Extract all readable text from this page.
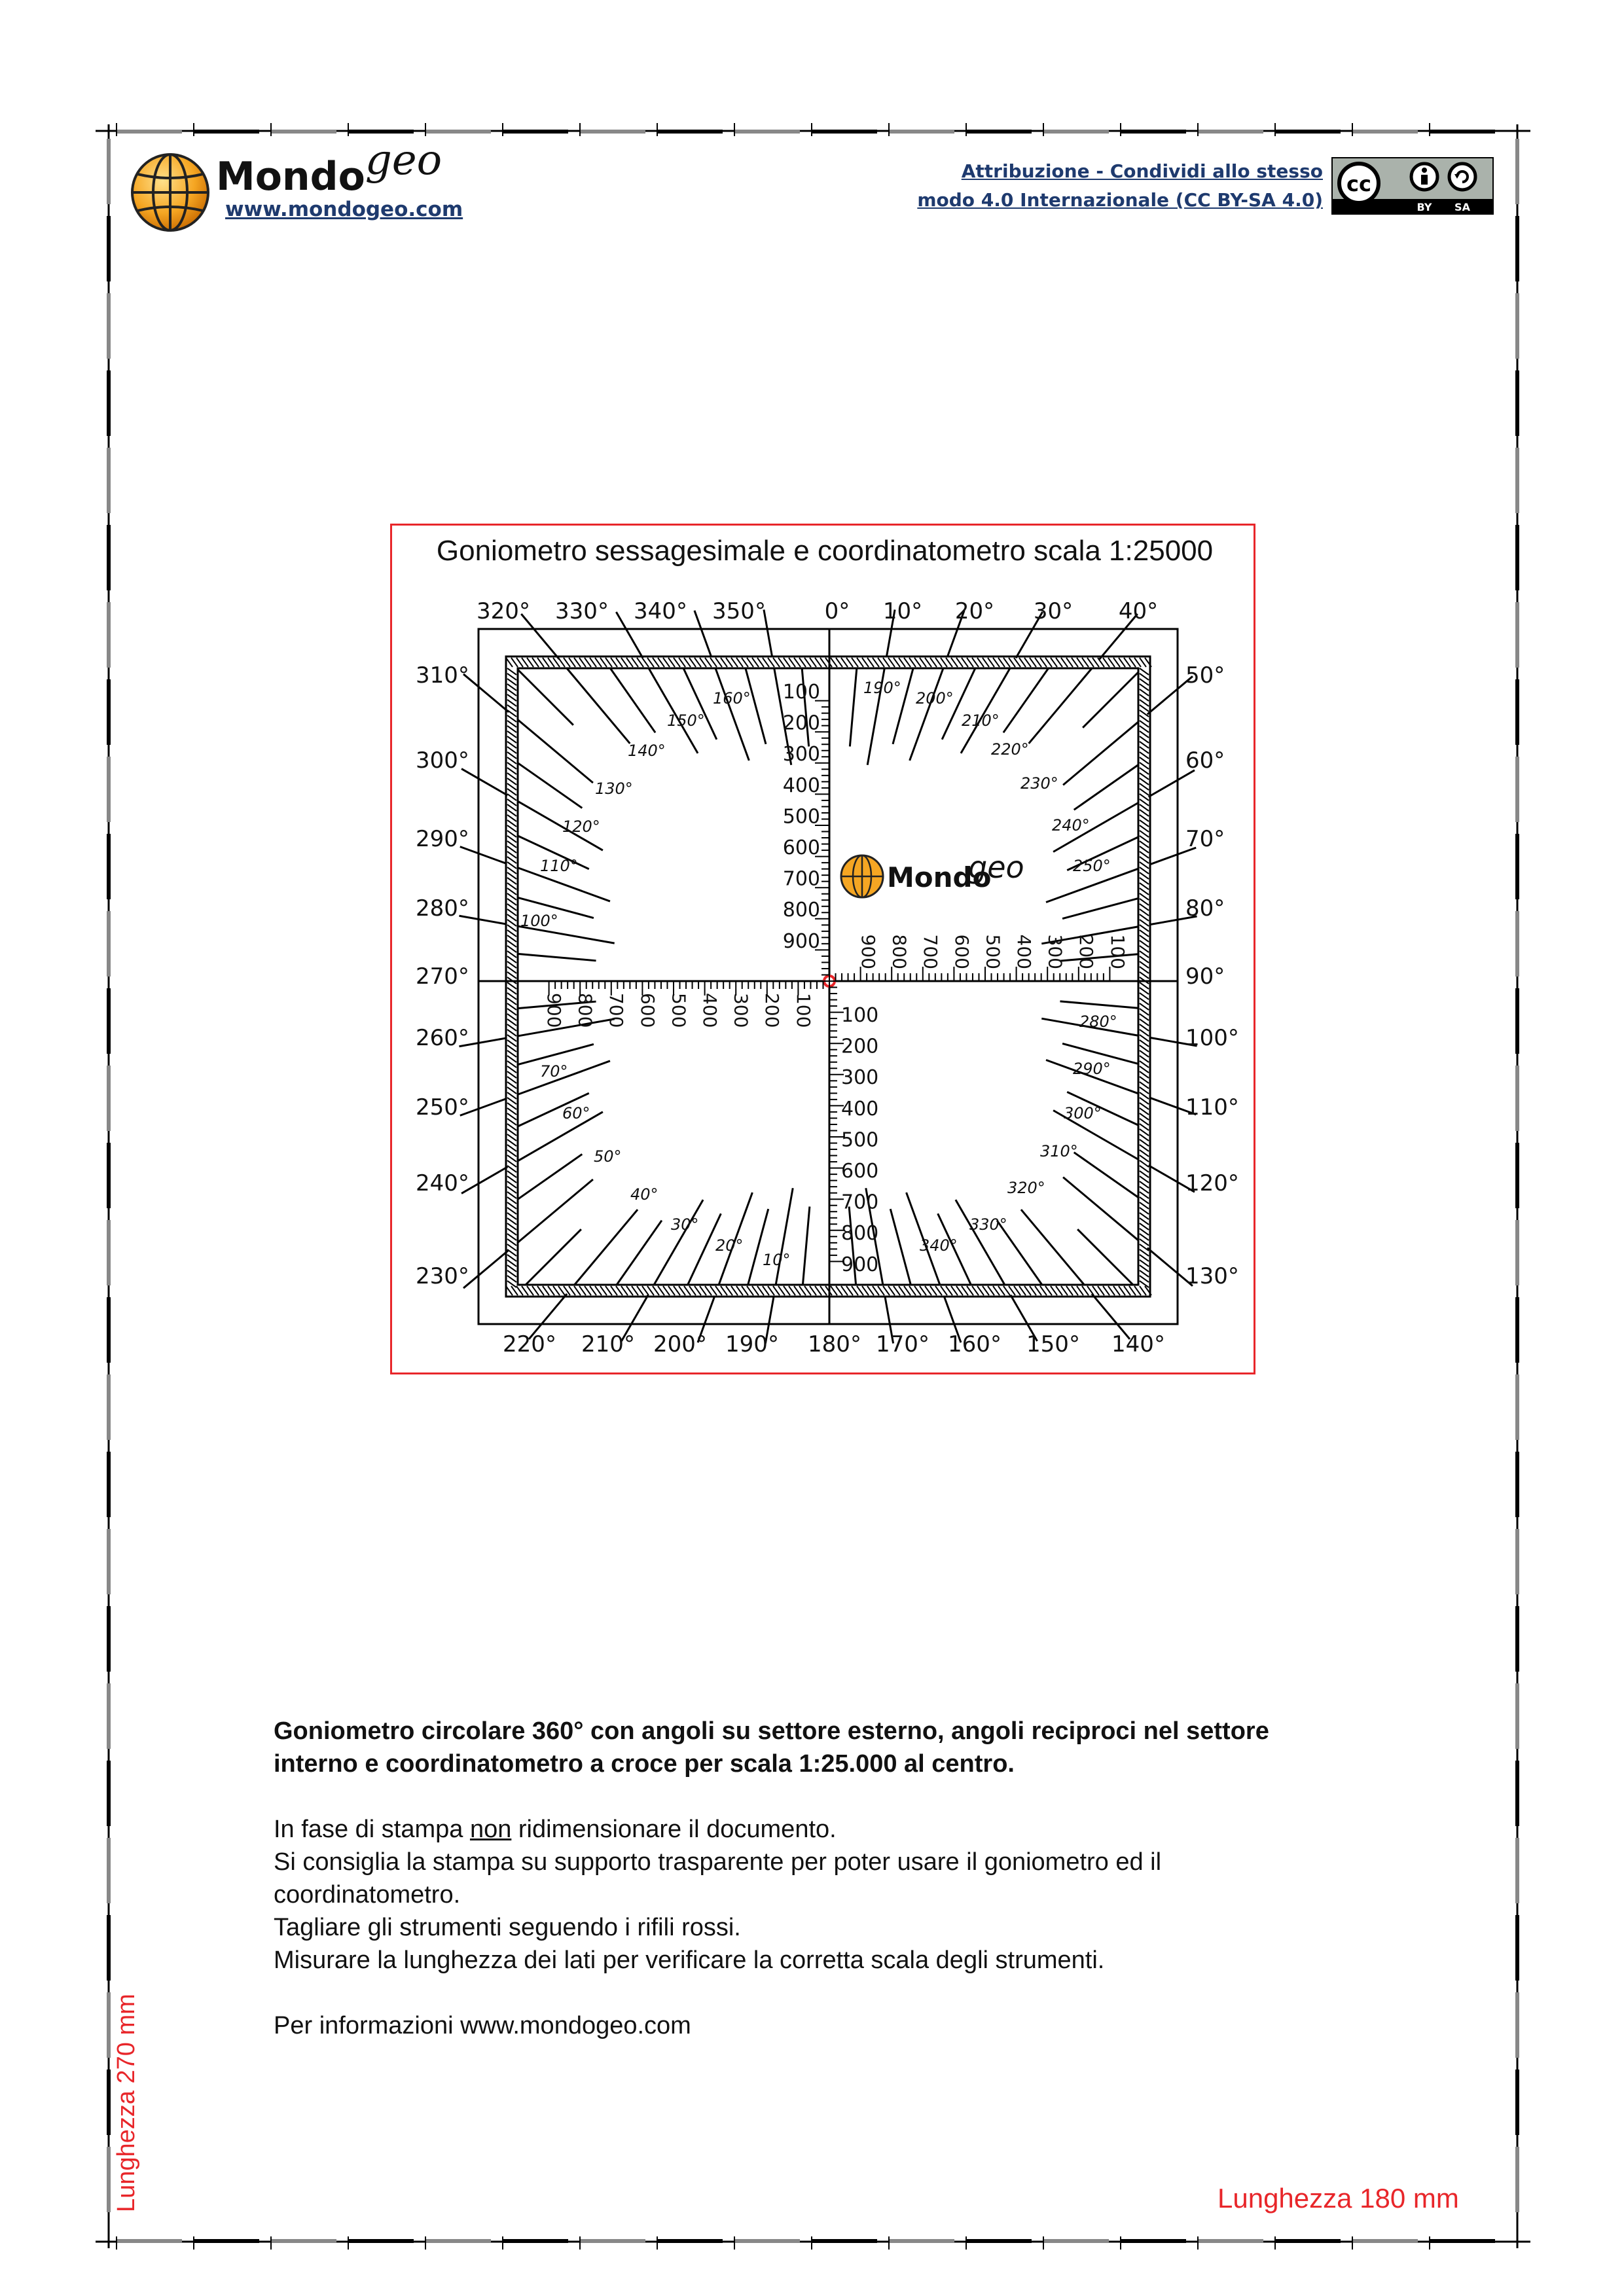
Mondogeo
www.mondogeo.com
Attribuzione - Condividi allo stesso
modo 4.0 Internazionale (CC BY-SA 4.0)
cc
BY SA
Goniometro sessagesimale e coordinatometro scala 1:25000
320° 330° 340° 350°	0° 10° 20° 30° 40°
310°
300°
290°
280°
270°
260°
250°
240°
230°
50°
60°
70°
80°
90°
100°
110°
120°
130°
220° 210° 200° 190° 180° 170° 160° 150° 140°
160°
150°
140°
130°
120°
110°
100°
190°
200°
210°
220°
230°
240°
250°
280°
290°
300°
310°
320°
330°
340°
70°
60°
50°
40°
30°
20°
10°
100
200
300
400
500
600
700
800
900
100
200
300
400
500
600
700
800
900
900 800 700 600 500 400 300 200 100
900 800 700 600 500 400 300 200 100
Mondo
geo

Goniometro circolare 360° con angoli su settore esterno, angoli reciproci nel settore interno e coordinatometro a croce per scala 1:25.000 al centro.

In fase di stampa non ridimensionare il documento.

Si consiglia la stampa su supporto trasparente per poter usare il goniometro ed il coordinatometro.

Tagliare gli strumenti seguendo i rifili rossi.

Misurare la lunghezza dei lati per verificare la corretta scala degli strumenti.

Per informazioni www.mondogeo.com

Lunghezza 270 mm	Lunghezza 180 mm
